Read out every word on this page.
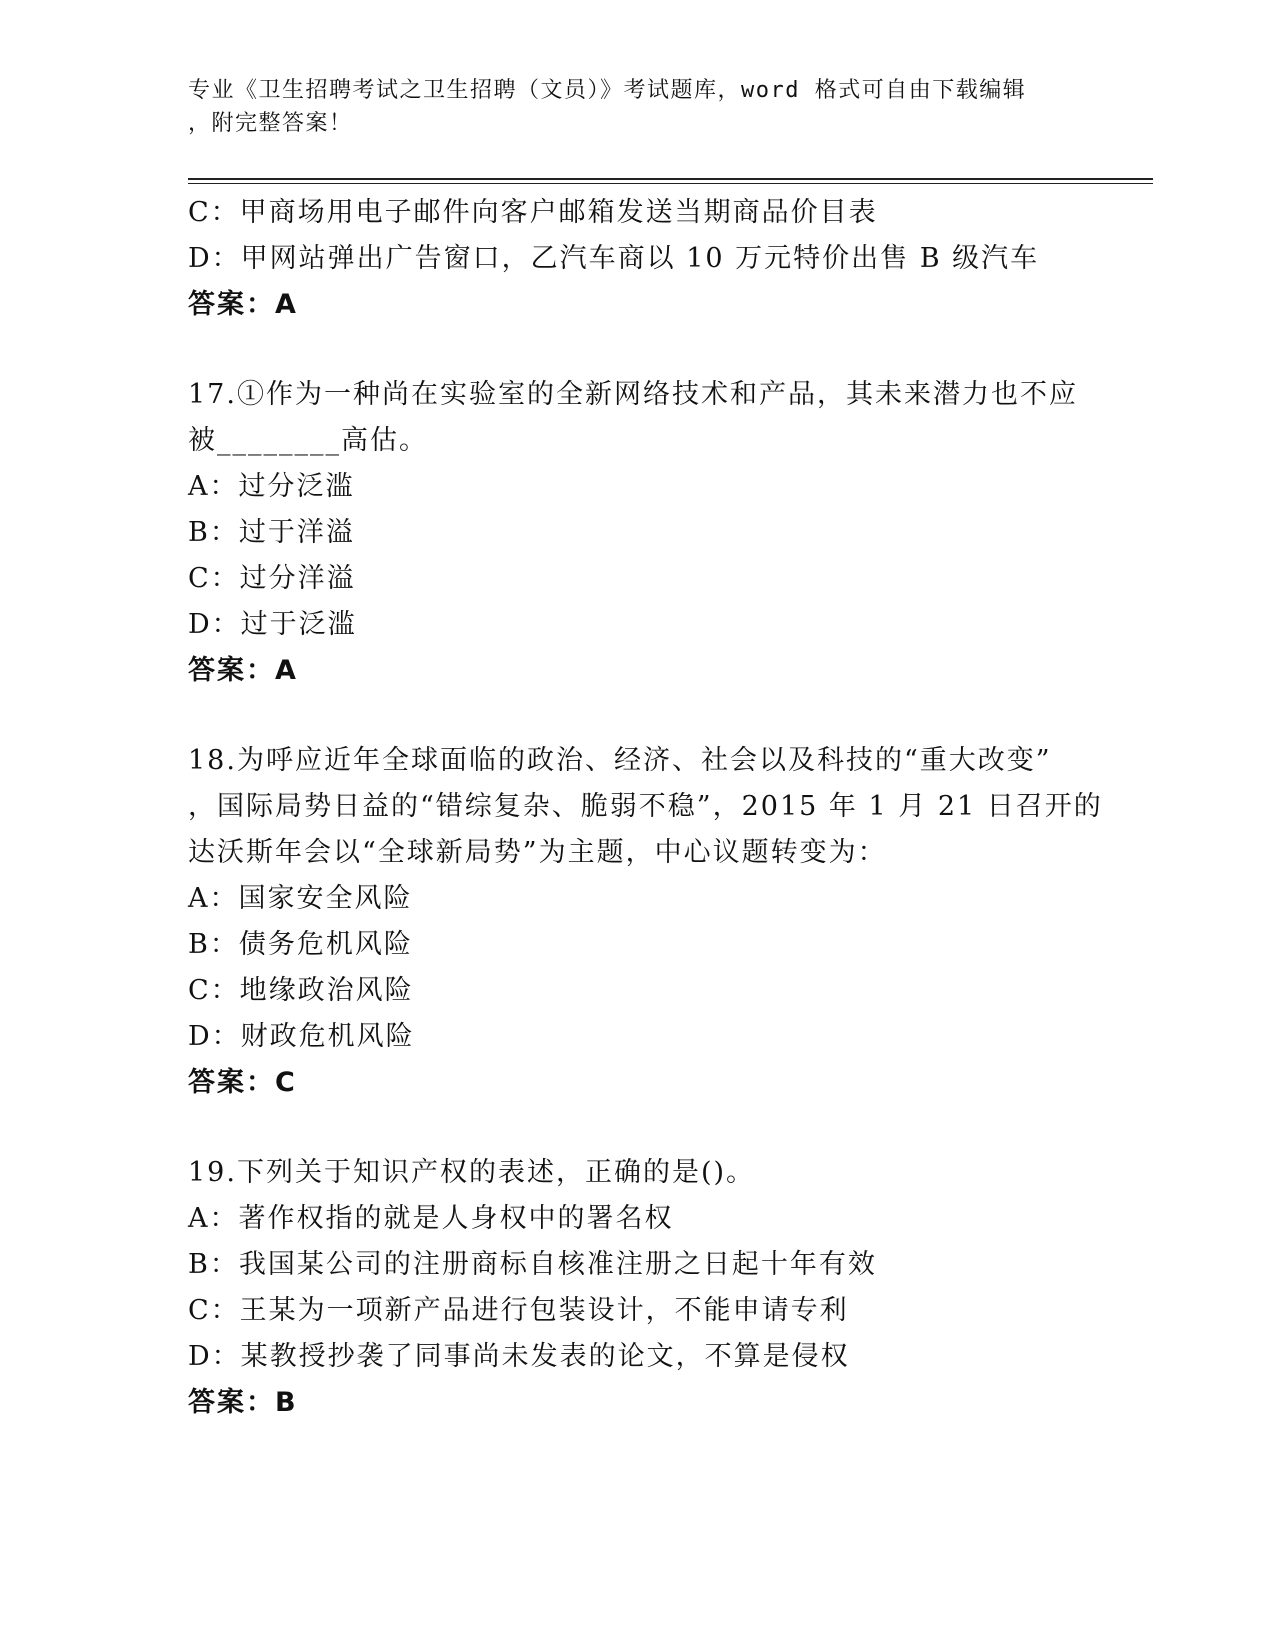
专业《卫生招聘考试之卫生招聘（文员）》考试题库，word 格式可自由下载编辑
，附完整答案！
C：甲商场用电子邮件向客户邮箱发送当期商品价目表
D：甲网站弹出广告窗口，乙汽车商以 10 万元特价出售 B 级汽车
答案：A
17.①作为一种尚在实验室的全新网络技术和产品，其未来潜力也不应
被________高估。
A：过分泛滥
B：过于洋溢
C：过分洋溢
D：过于泛滥
答案：A
18.为呼应近年全球面临的政治、经济、社会以及科技的“重大改变”
，国际局势日益的“错综复杂、脆弱不稳”，2015 年 1 月 21 日召开的
达沃斯年会以“全球新局势”为主题，中心议题转变为：
A：国家安全风险
B：债务危机风险
C：地缘政治风险
D：财政危机风险
答案：C
19.下列关于知识产权的表述，正确的是()。
A：著作权指的就是人身权中的署名权
B：我国某公司的注册商标自核准注册之日起十年有效
C：王某为一项新产品进行包装设计，不能申请专利
D：某教授抄袭了同事尚未发表的论文，不算是侵权
答案：B
